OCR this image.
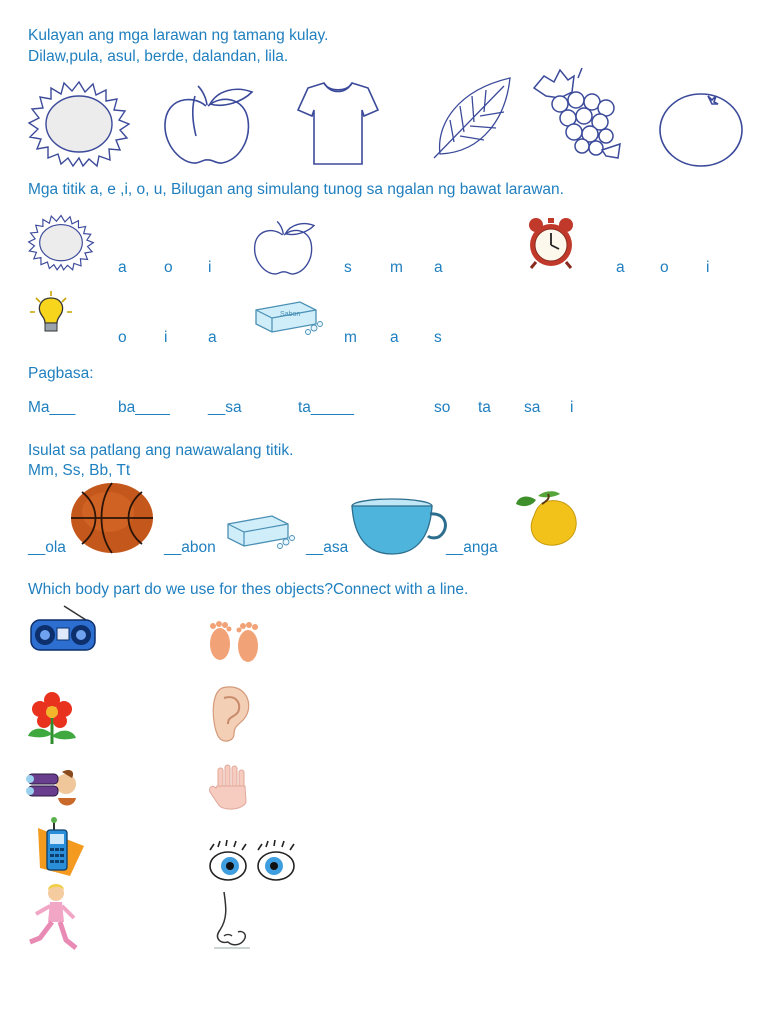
Kulayan ang mga larawan ng tamang kulay.
Dilaw,pula, asul, berde, dalandan, lila.
Mga titik a, e ,i, o, u, Bilugan ang simulang tunog sa ngalan ng bawat larawan.
a o i	s m a	a o i
Sabon
o i	a	m a s
Pagbasa:
Ma___	ba____ __sa	ta_____	so ta sa i
Isulat sa patlang ang nawawalang titik.
Mm, Ss, Bb, Tt
__ola	__abon	__asa	__anga
Which body part do we use for thes objects?Connect with a line.
